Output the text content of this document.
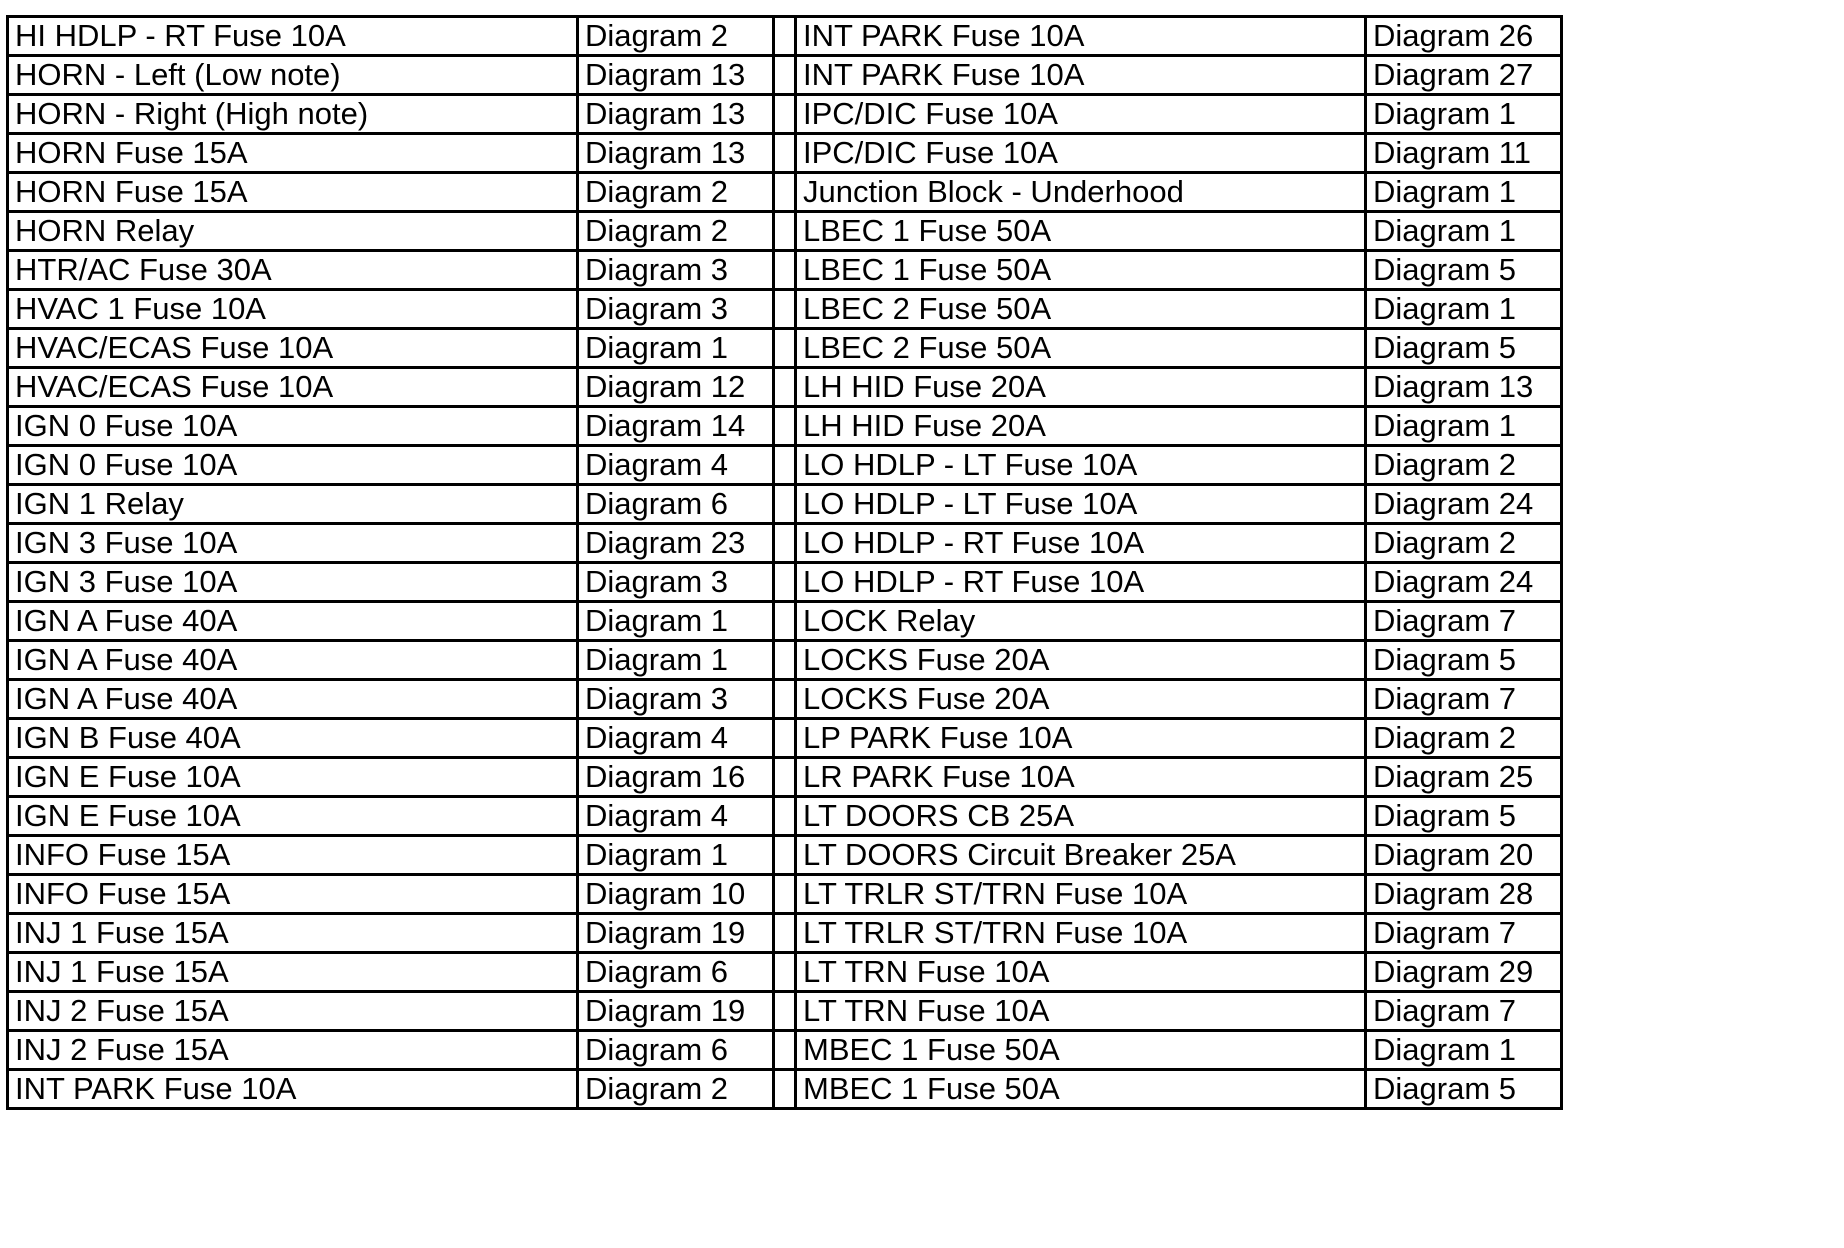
HI HDLP - RT Fuse 10A	Diagram 2		INT PARK Fuse 10A	Diagram 26
HORN - Left (Low note)	Diagram 13		INT PARK Fuse 10A	Diagram 27
HORN - Right (High note)	Diagram 13		IPC/DIC Fuse 10A	Diagram 1
HORN Fuse 15A	Diagram 13		IPC/DIC Fuse 10A	Diagram 11
HORN Fuse 15A	Diagram 2		Junction Block - Underhood	Diagram 1
HORN Relay	Diagram 2		LBEC 1 Fuse 50A	Diagram 1
HTR/AC Fuse 30A	Diagram 3		LBEC 1 Fuse 50A	Diagram 5
HVAC 1 Fuse 10A	Diagram 3		LBEC 2 Fuse 50A	Diagram 1
HVAC/ECAS Fuse 10A	Diagram 1		LBEC 2 Fuse 50A	Diagram 5
HVAC/ECAS Fuse 10A	Diagram 12		LH HID Fuse 20A	Diagram 13
IGN 0 Fuse 10A	Diagram 14		LH HID Fuse 20A	Diagram 1
IGN 0 Fuse 10A	Diagram 4		LO HDLP - LT Fuse 10A	Diagram 2
IGN 1 Relay	Diagram 6		LO HDLP - LT Fuse 10A	Diagram 24
IGN 3 Fuse 10A	Diagram 23		LO HDLP - RT Fuse 10A	Diagram 2
IGN 3 Fuse 10A	Diagram 3		LO HDLP - RT Fuse 10A	Diagram 24
IGN A Fuse 40A	Diagram 1		LOCK Relay	Diagram 7
IGN A Fuse 40A	Diagram 1		LOCKS Fuse 20A	Diagram 5
IGN A Fuse 40A	Diagram 3		LOCKS Fuse 20A	Diagram 7
IGN B Fuse 40A	Diagram 4		LP PARK Fuse 10A	Diagram 2
IGN E Fuse 10A	Diagram 16		LR PARK Fuse 10A	Diagram 25
IGN E Fuse 10A	Diagram 4		LT DOORS CB 25A	Diagram 5
INFO Fuse 15A	Diagram 1		LT DOORS Circuit Breaker 25A	Diagram 20
INFO Fuse 15A	Diagram 10		LT TRLR ST/TRN Fuse 10A	Diagram 28
INJ 1 Fuse 15A	Diagram 19		LT TRLR ST/TRN Fuse 10A	Diagram 7
INJ 1 Fuse 15A	Diagram 6		LT TRN Fuse 10A	Diagram 29
INJ 2 Fuse 15A	Diagram 19		LT TRN Fuse 10A	Diagram 7
INJ 2 Fuse 15A	Diagram 6		MBEC 1 Fuse 50A	Diagram 1
INT PARK Fuse 10A	Diagram 2		MBEC 1 Fuse 50A	Diagram 5
